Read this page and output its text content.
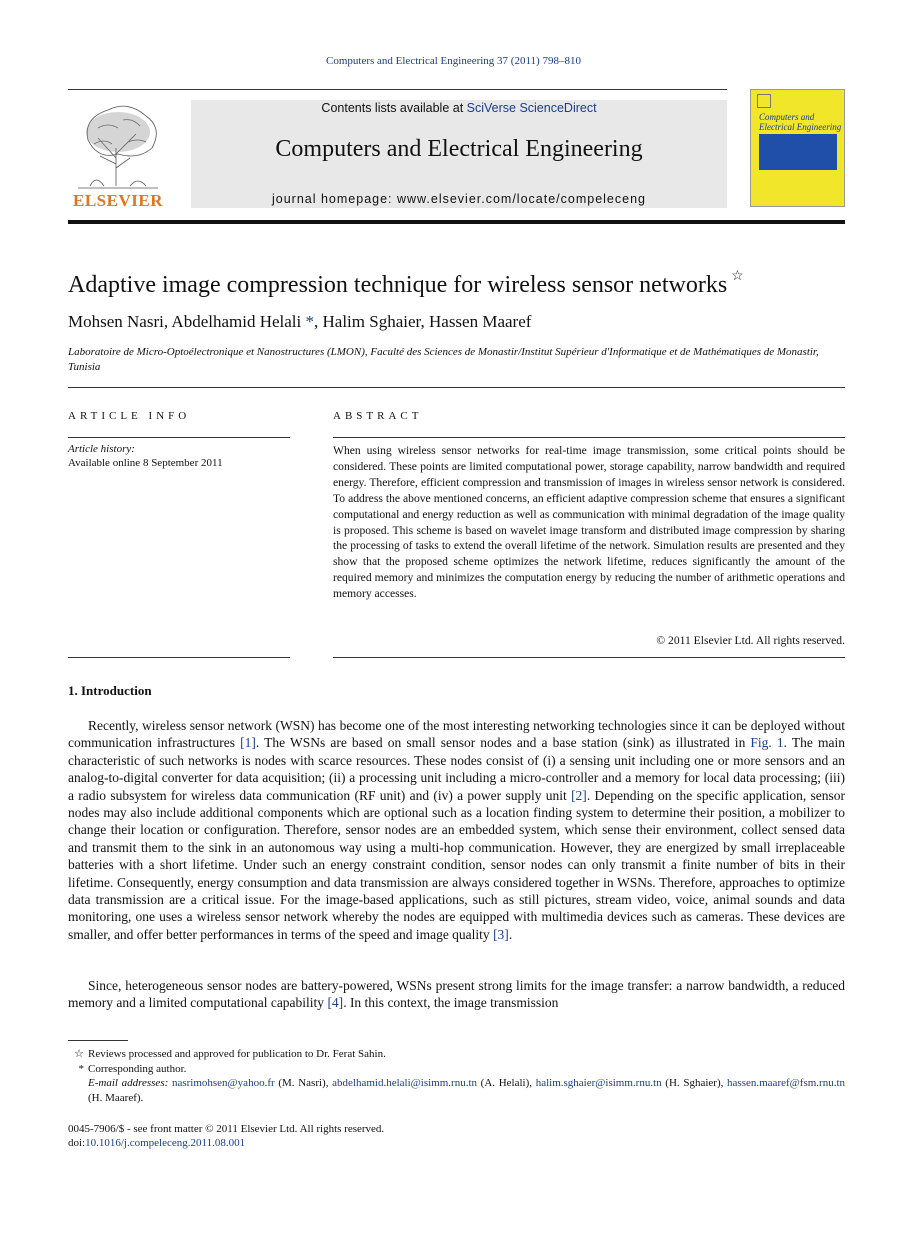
Computers and Electrical Engineering 37 (2011) 798–810
ELSEVIER
Contents lists available at SciVerse ScienceDirect
Computers and Electrical Engineering
journal homepage: www.elsevier.com/locate/compeleceng
Computers and Electrical Engineering
Adaptive image compression technique for wireless sensor networks ☆
Mohsen Nasri, Abdelhamid Helali *, Halim Sghaier, Hassen Maaref
Laboratoire de Micro-Optoélectronique et Nanostructures (LMON), Faculté des Sciences de Monastir/Institut Supérieur d'Informatique et de Mathématiques de Monastir, Tunisia
ARTICLE INFO	ABSTRACT
Article history:
Available online 8 September 2011
When using wireless sensor networks for real-time image transmission, some critical points should be considered. These points are limited computational power, storage capability, narrow bandwidth and required energy. Therefore, efficient compression and transmission of images in wireless sensor network is considered. To address the above mentioned concerns, an efficient adaptive compression scheme that ensures a significant computational and energy reduction as well as communication with minimal degradation of the image quality is proposed. This scheme is based on wavelet image transform and distributed image compression by sharing the processing of tasks to extend the overall lifetime of the network. Simulation results are presented and they show that the proposed scheme optimizes the network lifetime, reduces significantly the amount of the required memory and minimizes the computation energy by reducing the number of arithmetic operations and memory accesses.
© 2011 Elsevier Ltd. All rights reserved.
1. Introduction
Recently, wireless sensor network (WSN) has become one of the most interesting networking technologies since it can be deployed without communication infrastructures [1]. The WSNs are based on small sensor nodes and a base station (sink) as illustrated in Fig. 1. The main characteristic of such networks is nodes with scarce resources. These nodes consist of (i) a sensing unit including one or more sensors and an analog-to-digital converter for data acquisition; (ii) a processing unit including a micro-controller and a memory for local data processing; (iii) a radio subsystem for wireless data communication (RF unit) and (iv) a power supply unit [2]. Depending on the specific application, sensor nodes may also include additional components which are optional such as a location finding system to determine their position, a mobilizer to change their location or configuration. Therefore, sensor nodes are an embedded system, which sense their environment, collect sensed data and transmit them to the sink in an autonomous way using a multi-hop communication. However, they are energized by small irreplaceable batteries with a short lifetime. Under such an energy constraint condition, sensor nodes can only transmit a finite number of bits in their lifetime. Consequently, energy consumption and data transmission are always considered together in WSNs. Therefore, approaches to optimize data transmission are a critical issue. For the image-based applications, such as still pictures, stream video, voice, animal sounds and data monitoring, one uses a wireless sensor network whereby the nodes are equipped with multimedia devices such as cameras. These devices are smaller, and offer better performances in terms of the speed and image quality [3].
Since, heterogeneous sensor nodes are battery-powered, WSNs present strong limits for the image transfer: a narrow bandwidth, a reduced memory and a limited computational capability [4]. In this context, the image transmission
☆ Reviews processed and approved for publication to Dr. Ferat Sahin.
* Corresponding author.
E-mail addresses: nasrimohsen@yahoo.fr (M. Nasri), abdelhamid.helali@isimm.rnu.tn (A. Helali), halim.sghaier@isimm.rnu.tn (H. Sghaier), hassen.maaref@fsm.rnu.tn (H. Maaref).
0045-7906/$ - see front matter © 2011 Elsevier Ltd. All rights reserved.
doi:10.1016/j.compeleceng.2011.08.001
